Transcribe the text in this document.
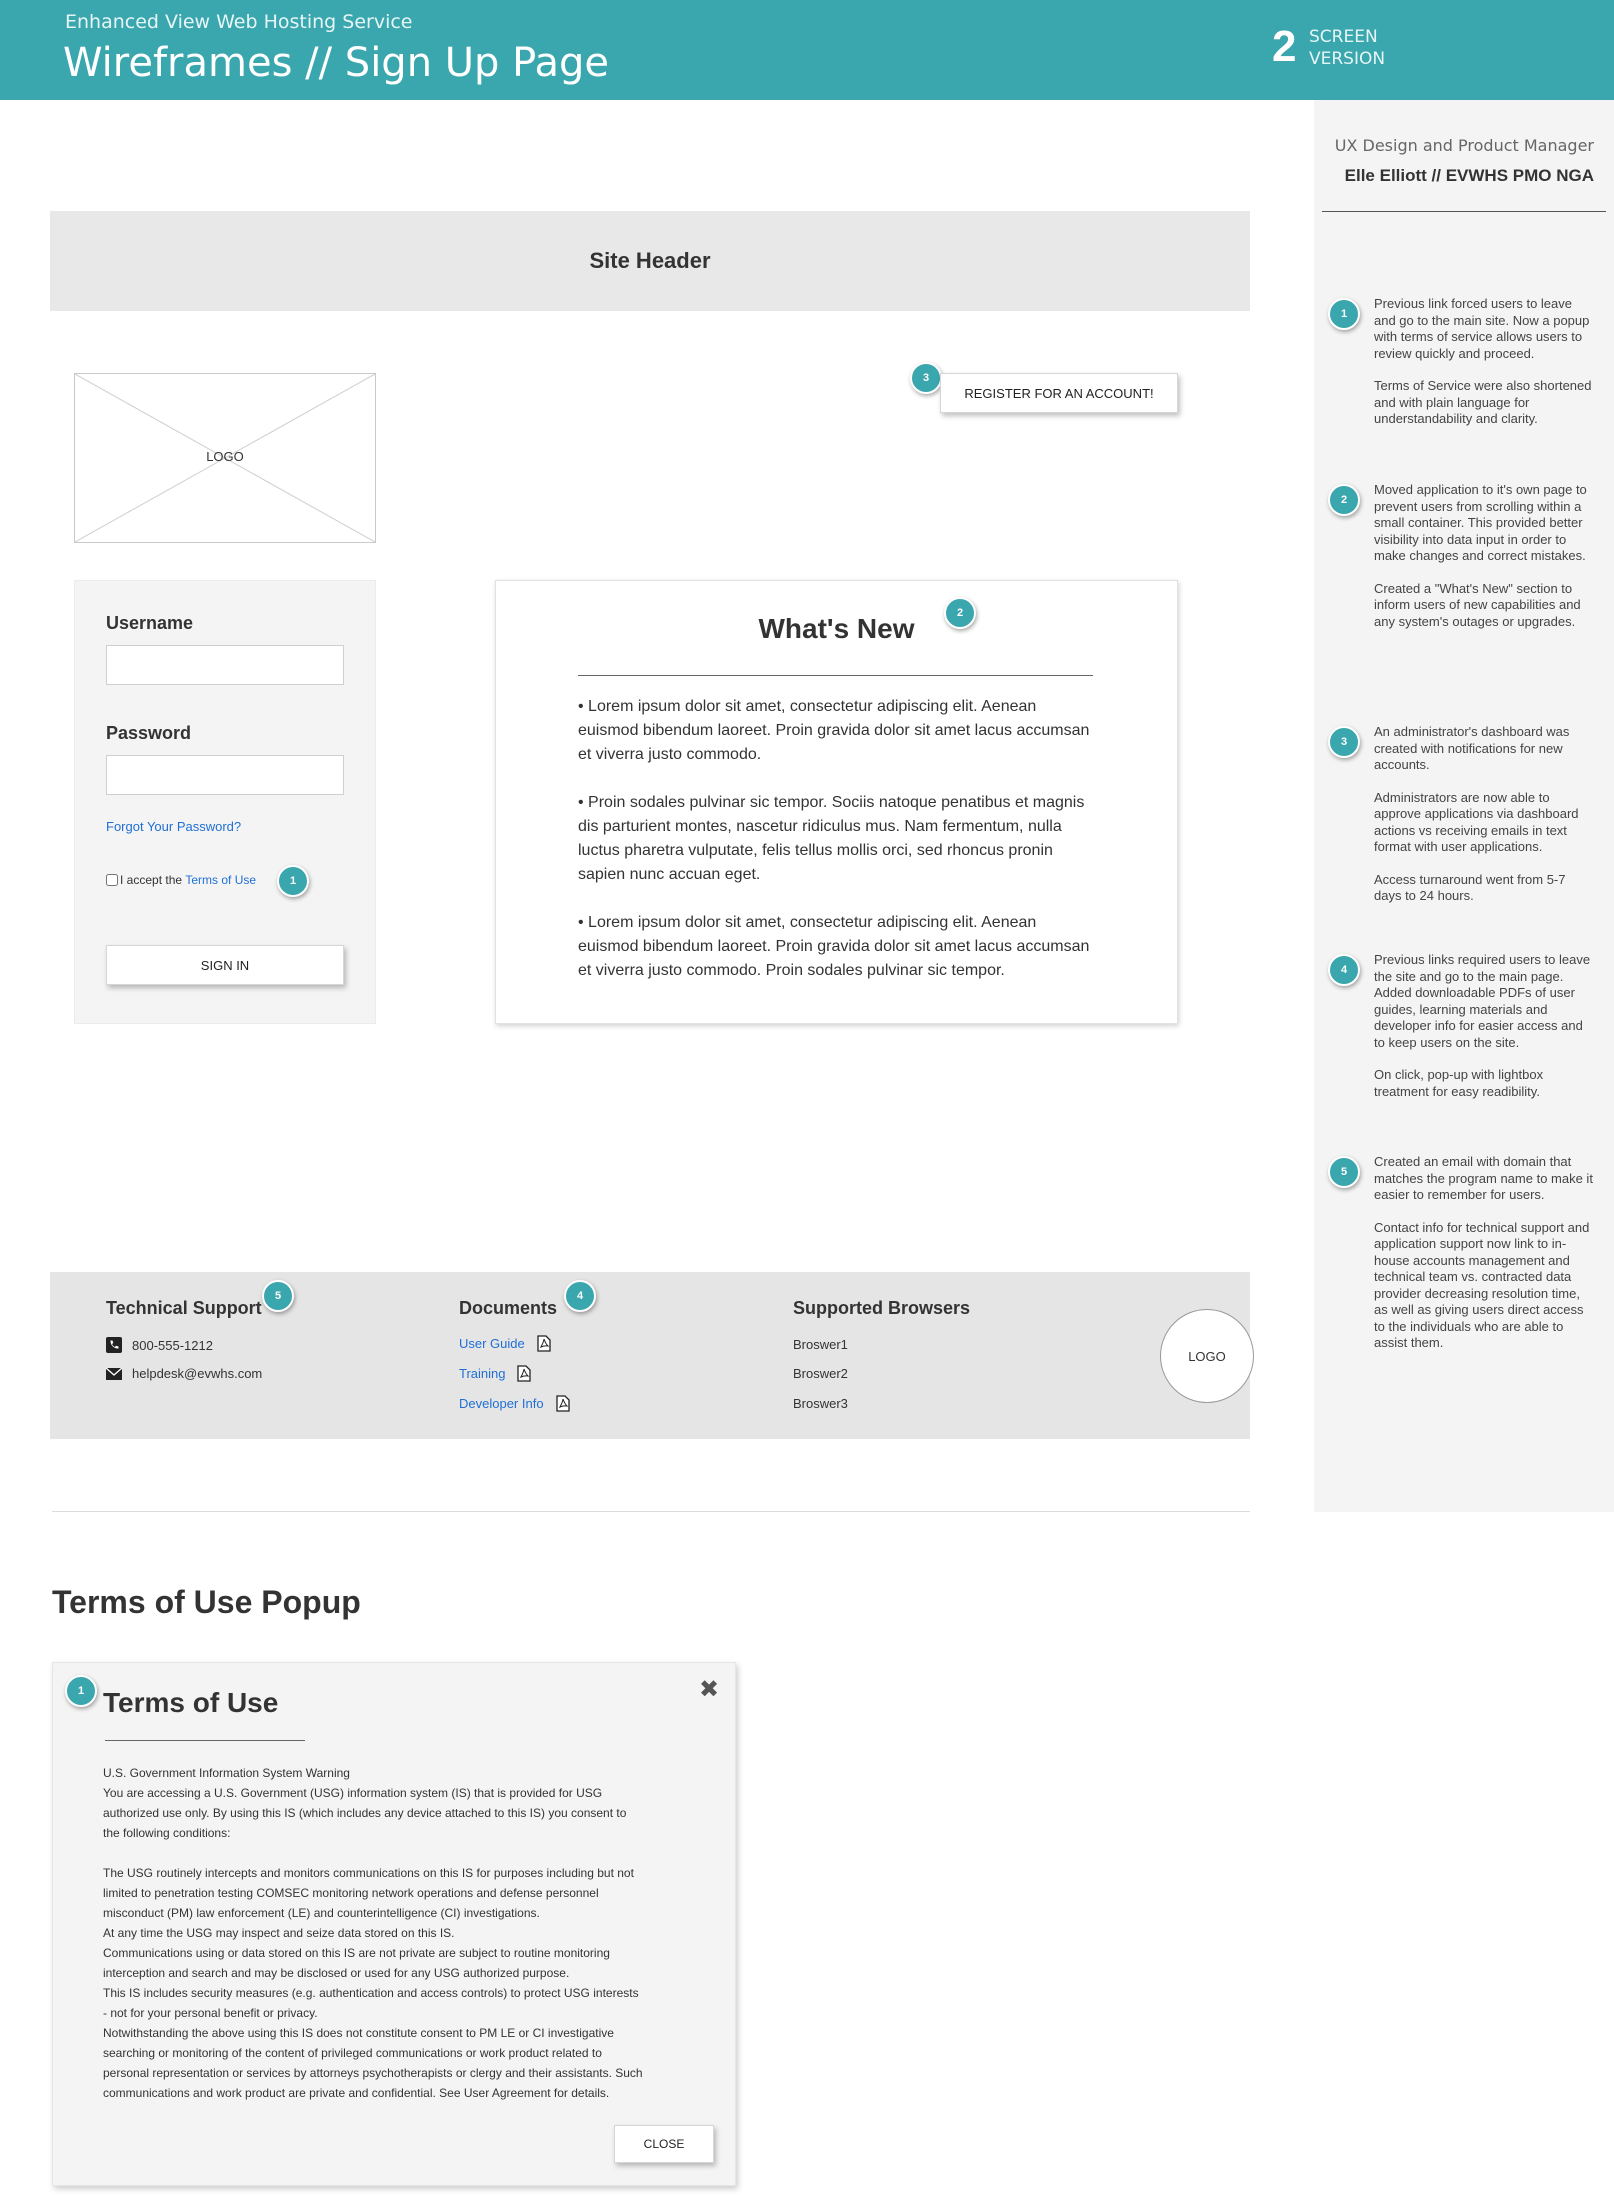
Enhanced View Web Hosting Service
Wireframes // Sign Up Page	2 SCREEN
VERSION
UX Design and Product Manager
Elle Elliott // EVWHS PMO NGA
1

Previous link forced users to leave and go to the main site. Now a popup with terms of service allows users to review quickly and proceed.

Terms of Service were also shortened and with plain language for understandability and clarity.

2

Moved application to it's own page to prevent users from scrolling within a small container. This provided better visibility into data input in order to make changes and correct mistakes.

Created a "What's New" section to inform users of new capabilities and any system's outages or upgrades.

3

An administrator's dashboard was created with notifications for new accounts.

Administrators are now able to approve applications via dashboard actions vs receiving emails in text format with user applications.

Access turnaround went from 5-7 days to 24 hours.

4

Previous links required users to leave the site and go to the main page. Added downloadable PDFs of user guides, learning materials and developer info for easier access and to keep users on the site.

On click, pop-up with lightbox treatment for easy readibility.

5

Created an email with domain that matches the program name to make it easier to remember for users.

Contact info for technical support and application support now link to in-house accounts management and technical team vs. contracted data provider decreasing resolution time, as well as giving users direct access to the individuals who are able to assist them.

Site Header
LOGO
3
REGISTER FOR AN ACCOUNT!
Username
Password
Forgot Your Password?
I accept the Terms of Use	1
SIGN IN
What's New	2

• Lorem ipsum dolor sit amet, consectetur adipiscing elit. Aenean euismod bibendum laoreet. Proin gravida dolor sit amet lacus accumsan et viverra justo commodo.

• Proin sodales pulvinar sic tempor. Sociis natoque penatibus et magnis dis parturient montes, nascetur ridiculus mus. Nam fermentum, nulla luctus pharetra vulputate, felis tellus mollis orci, sed rhoncus pronin sapien nunc accuan eget.

• Lorem ipsum dolor sit amet, consectetur adipiscing elit. Aenean euismod bibendum laoreet. Proin gravida dolor sit amet lacus accumsan et viverra justo commodo. Proin sodales pulvinar sic tempor.

Technical Support
5
800-555-1212
helpdesk@evwhs.com
Documents
4
User Guide
Training
Developer Info
Supported Browsers
Broswer1
Broswer2
Broswer3
LOGO
Terms of Use Popup
1 Terms of Use	✖
U.S. Government Information System Warning
You are accessing a U.S. Government (USG) information system (IS) that is provided for USG
authorized use only. By using this IS (which includes any device attached to this IS) you consent to
the following conditions:
The USG routinely intercepts and monitors communications on this IS for purposes including but not
limited to penetration testing COMSEC monitoring network operations and defense personnel
misconduct (PM) law enforcement (LE) and counterintelligence (CI) investigations.
At any time the USG may inspect and seize data stored on this IS.
Communications using or data stored on this IS are not private are subject to routine monitoring
interception and search and may be disclosed or used for any USG authorized purpose.
This IS includes security measures (e.g. authentication and access controls) to protect USG interests
- not for your personal benefit or privacy.
Notwithstanding the above using this IS does not constitute consent to PM LE or CI investigative
searching or monitoring of the content of privileged communications or work product related to
personal representation or services by attorneys psychotherapists or clergy and their assistants. Such
communications and work product are private and confidential. See User Agreement for details.
CLOSE
